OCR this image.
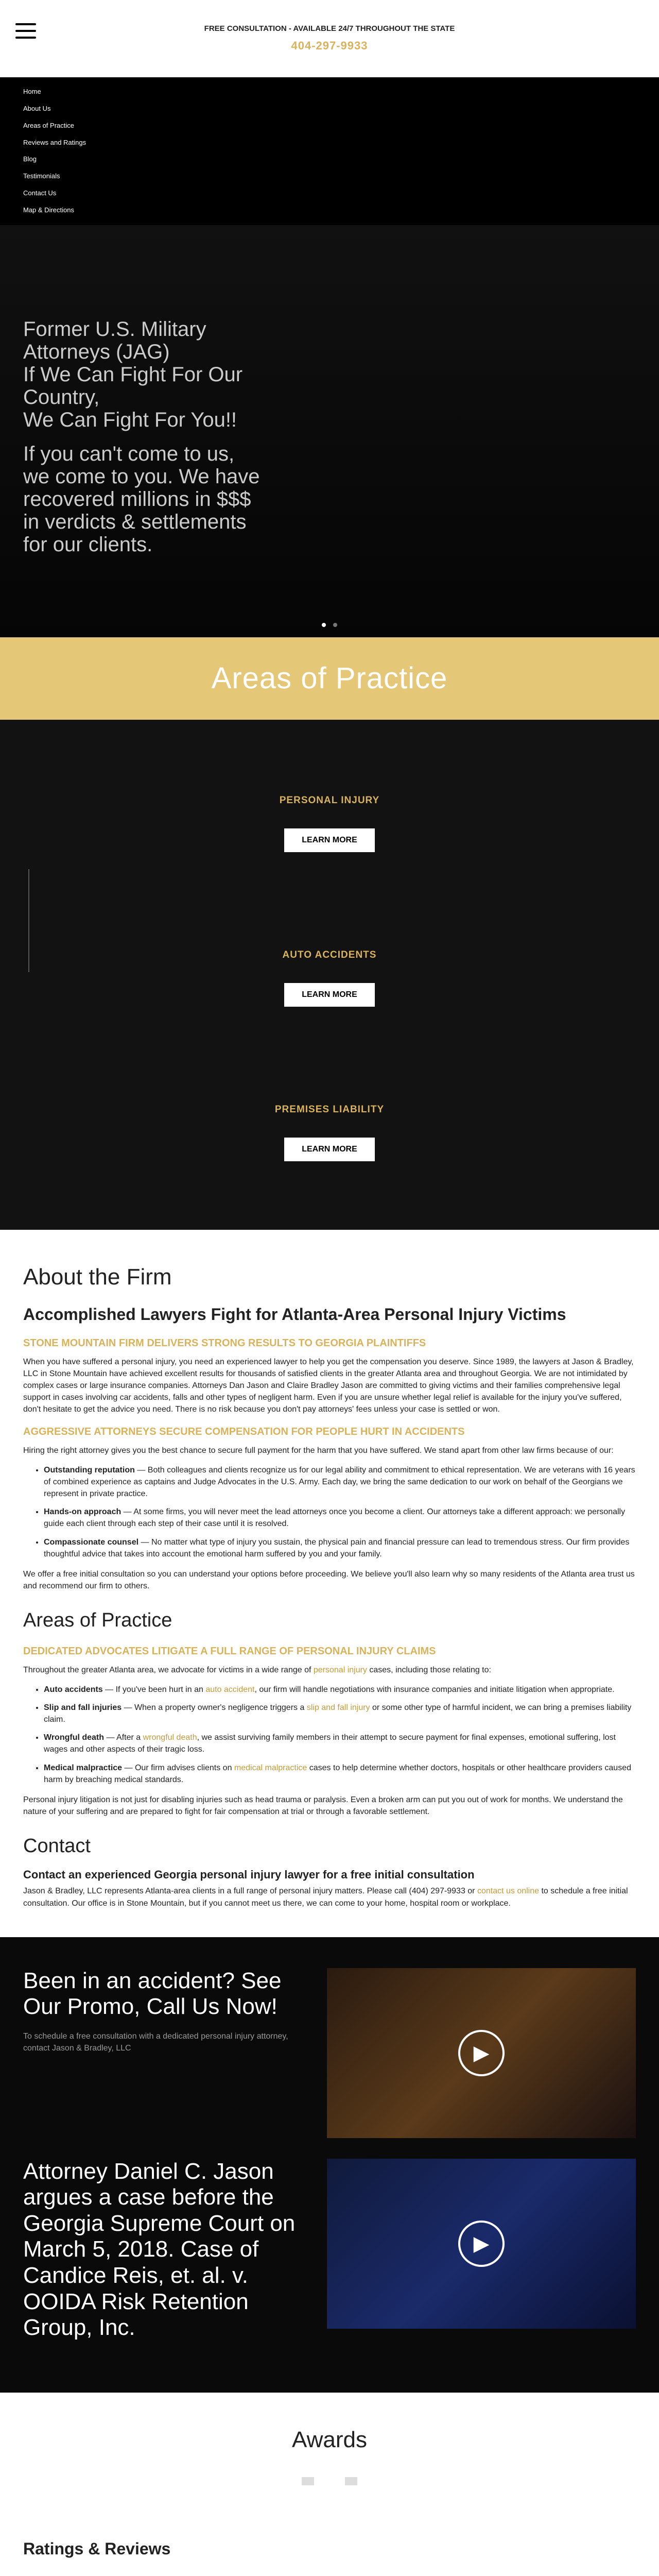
FREE CONSULTATION - AVAILABLE 24/7 THROUGHOUT THE STATE
404-297-9933
Home
About Us
Areas of Practice
Reviews and Ratings
Blog
Testimonials
Contact Us
Map & Directions

Former U.S. Military Attorneys (JAG)

If We Can Fight For Our Country,

We Can Fight For You!!

If you can't come to us, we come to you. We have recovered millions in $$$ in verdicts & settlements for our clients.

Areas of Practice
PERSONAL INJURY
LEARN MORE
AUTO ACCIDENTS
LEARN MORE
PREMISES LIABILITY
LEARN MORE
About the Firm
Accomplished Lawyers Fight for Atlanta-Area Personal Injury Victims
STONE MOUNTAIN FIRM DELIVERS STRONG RESULTS TO GEORGIA PLAINTIFFS

When you have suffered a personal injury, you need an experienced lawyer to help you get the compensation you deserve. Since 1989, the lawyers at Jason & Bradley, LLC in Stone Mountain have achieved excellent results for thousands of satisfied clients in the greater Atlanta area and throughout Georgia. We are not intimidated by complex cases or large insurance companies. Attorneys Dan Jason and Claire Bradley Jason are committed to giving victims and their families comprehensive legal support in cases involving car accidents, falls and other types of negligent harm. Even if you are unsure whether legal relief is available for the injury you've suffered, don't hesitate to get the advice you need. There is no risk because you don't pay attorneys' fees unless your case is settled or won.

AGGRESSIVE ATTORNEYS SECURE COMPENSATION FOR PEOPLE HURT IN ACCIDENTS

Hiring the right attorney gives you the best chance to secure full payment for the harm that you have suffered. We stand apart from other law firms because of our:

• Outstanding reputation — Both colleagues and clients recognize us for our legal ability and commitment to ethical representation. We are veterans with 16 years of combined experience as captains and Judge Advocates in the U.S. Army. Each day, we bring the same dedication to our work on behalf of the Georgians we represent in private practice.
• Hands-on approach — At some firms, you will never meet the lead attorneys once you become a client. Our attorneys take a different approach: we personally guide each client through each step of their case until it is resolved.
• Compassionate counsel — No matter what type of injury you sustain, the physical pain and financial pressure can lead to tremendous stress. Our firm provides thoughtful advice that takes into account the emotional harm suffered by you and your family.

We offer a free initial consultation so you can understand your options before proceeding. We believe you'll also learn why so many residents of the Atlanta area trust us and recommend our firm to others.

Areas of Practice
DEDICATED ADVOCATES LITIGATE A FULL RANGE OF PERSONAL INJURY CLAIMS

Throughout the greater Atlanta area, we advocate for victims in a wide range of personal injury cases, including those relating to:

• Auto accidents — If you've been hurt in an auto accident, our firm will handle negotiations with insurance companies and initiate litigation when appropriate.
• Slip and fall injuries — When a property owner's negligence triggers a slip and fall injury or some other type of harmful incident, we can bring a premises liability claim.
• Wrongful death — After a wrongful death, we assist surviving family members in their attempt to secure payment for final expenses, emotional suffering, lost wages and other aspects of their tragic loss.
• Medical malpractice — Our firm advises clients on medical malpractice cases to help determine whether doctors, hospitals or other healthcare providers caused harm by breaching medical standards.

Personal injury litigation is not just for disabling injuries such as head trauma or paralysis. Even a broken arm can put you out of work for months. We understand the nature of your suffering and are prepared to fight for fair compensation at trial or through a favorable settlement.

Contact
Contact an experienced Georgia personal injury lawyer for a free initial consultation

Jason & Bradley, LLC represents Atlanta-area clients in a full range of personal injury matters. Please call (404) 297-9933 or contact us online to schedule a free initial consultation. Our office is in Stone Mountain, but if you cannot meet us there, we can come to your home, hospital room or workplace.

Been in an accident? See Our Promo, Call Us Now!

To schedule a free consultation with a dedicated personal injury attorney, contact Jason & Bradley, LLC	▶
Attorney Daniel C. Jason argues a case before the Georgia Supreme Court on March 5, 2018. Case of Candice Reis, et. al. v. OOIDA Risk Retention Group, Inc.
▶
Awards
Ratings & Reviews
